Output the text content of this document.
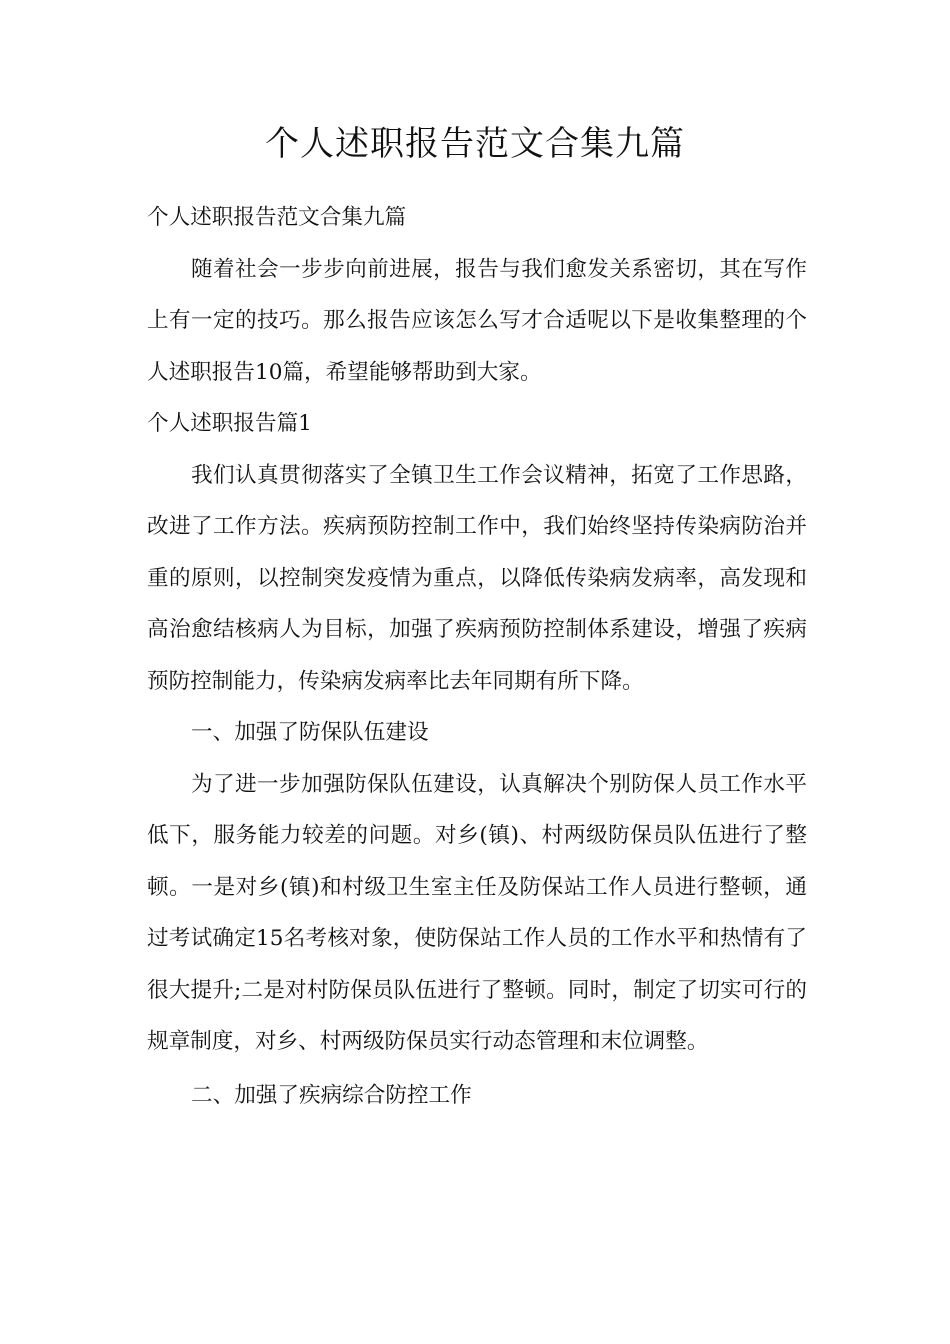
个人述职报告范文合集九篇

个人述职报告范文合集九篇

随着社会一步步向前进展，报告与我们愈发关系密切，其在写作上有一定的技巧。那么报告应该怎么写才合适呢以下是收集整理的个人述职报告10篇，希望能够帮助到大家。

个人述职报告篇1

我们认真贯彻落实了全镇卫生工作会议精神，拓宽了工作思路，改进了工作方法。疾病预防控制工作中，我们始终坚持传染病防治并重的原则，以控制突发疫情为重点，以降低传染病发病率，高发现和高治愈结核病人为目标，加强了疾病预防控制体系建设，增强了疾病预防控制能力，传染病发病率比去年同期有所下降。

一、加强了防保队伍建设

为了进一步加强防保队伍建设，认真解决个别防保人员工作水平低下，服务能力较差的问题。对乡(镇)、村两级防保员队伍进行了整顿。一是对乡(镇)和村级卫生室主任及防保站工作人员进行整顿，通过考试确定15名考核对象，使防保站工作人员的工作水平和热情有了很大提升;二是对村防保员队伍进行了整顿。同时，制定了切实可行的规章制度，对乡、村两级防保员实行动态管理和末位调整。

二、加强了疾病综合防控工作
